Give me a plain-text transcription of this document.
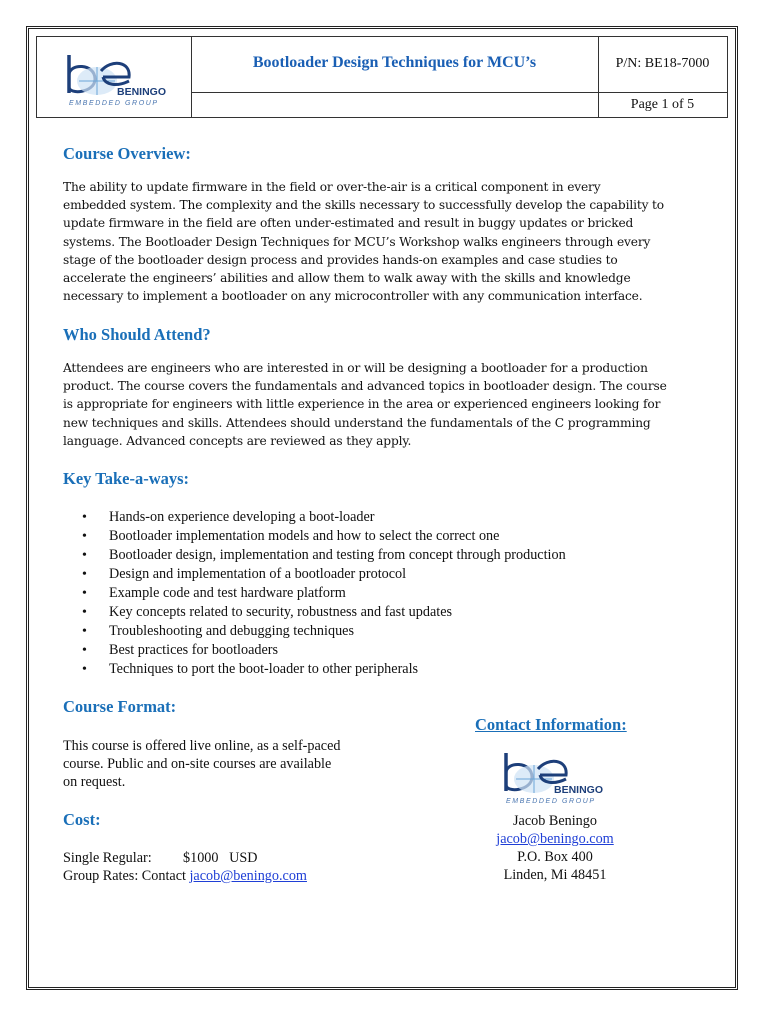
BENINGO
EMBEDDED GROUP
Bootloader Design Techniques for MCU’s	P/N: BE18-7000
Page 1 of 5
Course Overview:
The ability to update firmware in the field or over-the-air is a critical component in every
embedded system. The complexity and the skills necessary to successfully develop the capability to
update firmware in the field are often under-estimated and result in buggy updates or bricked
systems. The Bootloader Design Techniques for MCU’s Workshop walks engineers through every
stage of the bootloader design process and provides hands-on examples and case studies to
accelerate the engineers’ abilities and allow them to walk away with the skills and knowledge
necessary to implement a bootloader on any microcontroller with any communication interface.
Who Should Attend?
Attendees are engineers who are interested in or will be designing a bootloader for a production
product. The course covers the fundamentals and advanced topics in bootloader design. The course
is appropriate for engineers with little experience in the area or experienced engineers looking for
new techniques and skills. Attendees should understand the fundamentals of the C programming
language. Advanced concepts are reviewed as they apply.
Key Take-a-ways:
• Hands-on experience developing a boot-loader
• Bootloader implementation models and how to select the correct one
• Bootloader design, implementation and testing from concept through production
• Design and implementation of a bootloader protocol
• Example code and test hardware platform
• Key concepts related to security, robustness and fast updates
• Troubleshooting and debugging techniques
• Best practices for bootloaders
• Techniques to port the boot-loader to other peripherals
Course Format:
This course is offered live online, as a self-paced
course. Public and on-site courses are available
on request.
Cost:
Single Regular: $1000   USD
Group Rates: Contact jacob@beningo.com
Contact Information:
BENINGO
EMBEDDED GROUP
Jacob Beningo
jacob@beningo.com
P.O. Box 400
Linden, Mi 48451
